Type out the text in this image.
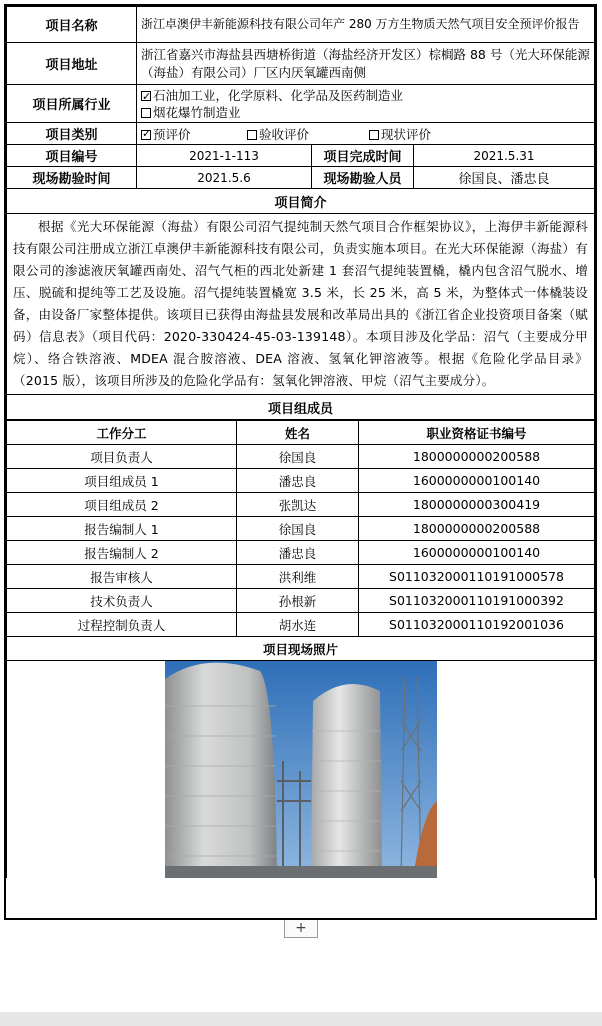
项目名称	浙江卓澳伊丰新能源科技有限公司年产 280 万方生物质天然气项目安全预评价报告		
项目地址	浙江省嘉兴市海盐县西塘桥街道（海盐经济开发区）棕榈路 88 号（光大环保能源（海盐）有限公司）厂区内厌氧罐西南侧		
项目所属行业	
✓石油加工业，化学原料、化学品及医药制造业
烟花爆竹制造业

项目类别	✓预评价 验收评价 现状评价
项目编号	2021-1-113	项目完成时间	2021.5.31
现场勘验时间	2021.5.6	现场勘验人员	徐国良、潘忠良
项目简介			
根据《光大环保能源（海盐）有限公司沼气提纯制天然气项目合作框架协议》，上海伊丰新能源科技有限公司注册成立浙江卓澳伊丰新能源科技有限公司，负责实施本项目。在光大环保能源（海盐）有限公司的渗滤液厌氧罐西南处、沼气气柜的西北处新建 1 套沼气提纯装置橇，橇内包含沼气脱水、增压、脱硫和提纯等工艺及设施。沼气提纯装置橇宽 3.5 米，长 25 米，高 5 米，为整体式一体橇装设备，由设备厂家整体提供。该项目已获得由海盐县发展和改革局出具的《浙江省企业投资项目备案（赋码）信息表》（项目代码：2020-330424-45-03-139148）。本项目涉及化学品：沼气（主要成分甲烷）、络合铁溶液、MDEA 混合胺溶液、DEA 溶液、氢氧化钾溶液等。根据《危险化学品目录》（2015 版），该项目所涉及的危险化学品有：氢氧化钾溶液、甲烷（沼气主要成分）。			
项目组成员			
工作分工	姓名	职业资格证书编号
项目负责人	徐国良	1800000000200588
项目组成员 1	潘忠良	1600000000100140
项目组成员 2	张凯达	1800000000300419
报告编制人 1	徐国良	1800000000200588
报告编制人 2	潘忠良	1600000000100140
报告审核人	洪利维	S011032000110191000578
技术负责人	孙根新	S011032000110191000392
过程控制负责人	胡水连	S011032000110192001036
项目现场照片		

+
